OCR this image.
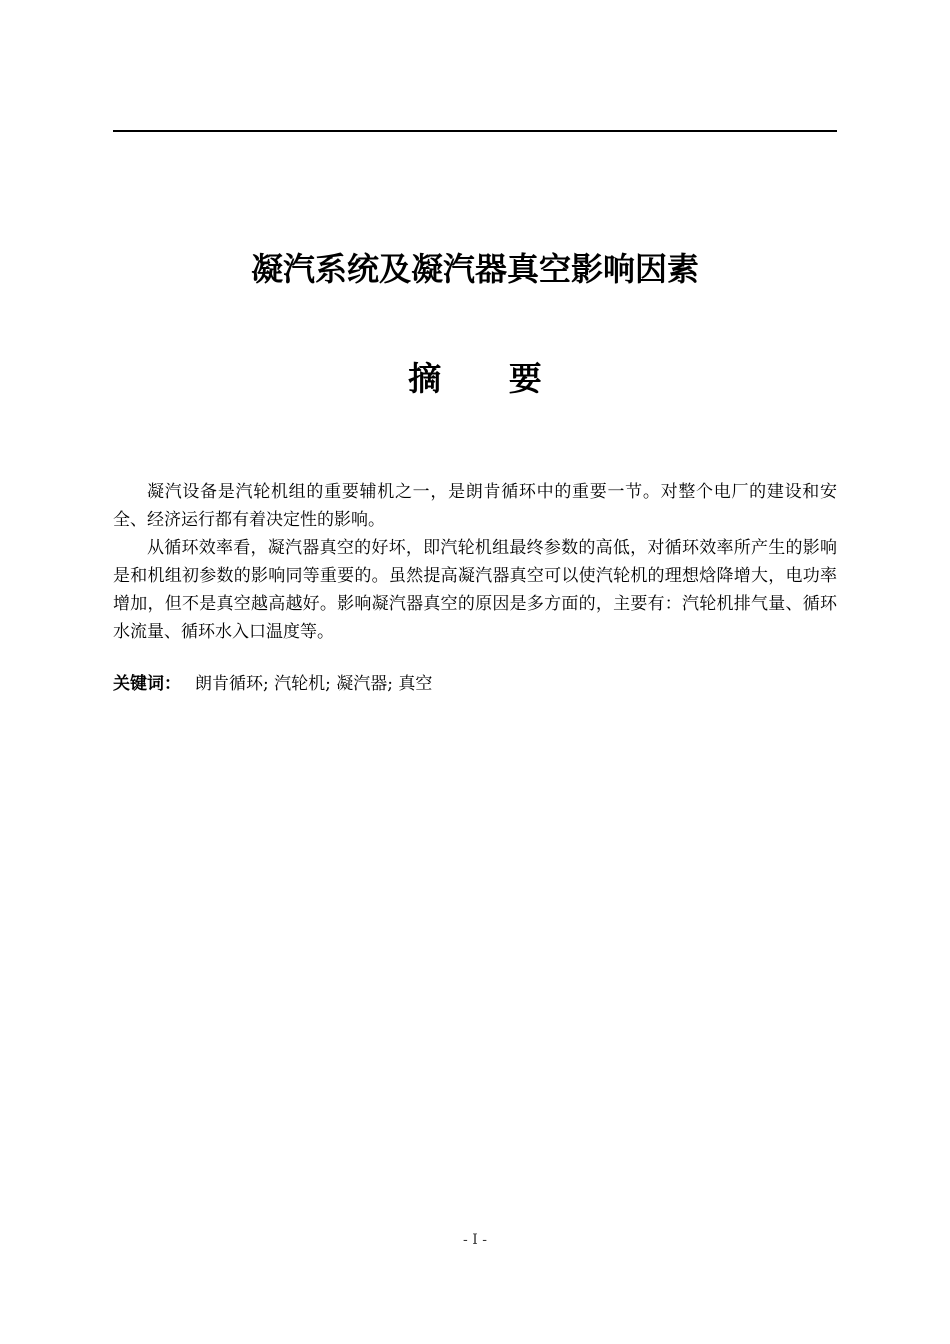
凝汽系统及凝汽器真空影响因素
摘 要

凝汽设备是汽轮机组的重要辅机之一，是朗肯循环中的重要一节。对整个电厂的建设和安全、经济运行都有着决定性的影响。

从循环效率看，凝汽器真空的好坏，即汽轮机组最终参数的高低，对循环效率所产生的影响是和机组初参数的影响同等重要的。虽然提高凝汽器真空可以使汽轮机的理想焓降增大，电功率增加，但不是真空越高越好。影响凝汽器真空的原因是多方面的，主要有：汽轮机排气量、循环水流量、循环水入口温度等。

关键词： 朗肯循环; 汽轮机; 凝汽器; 真空
- I -
